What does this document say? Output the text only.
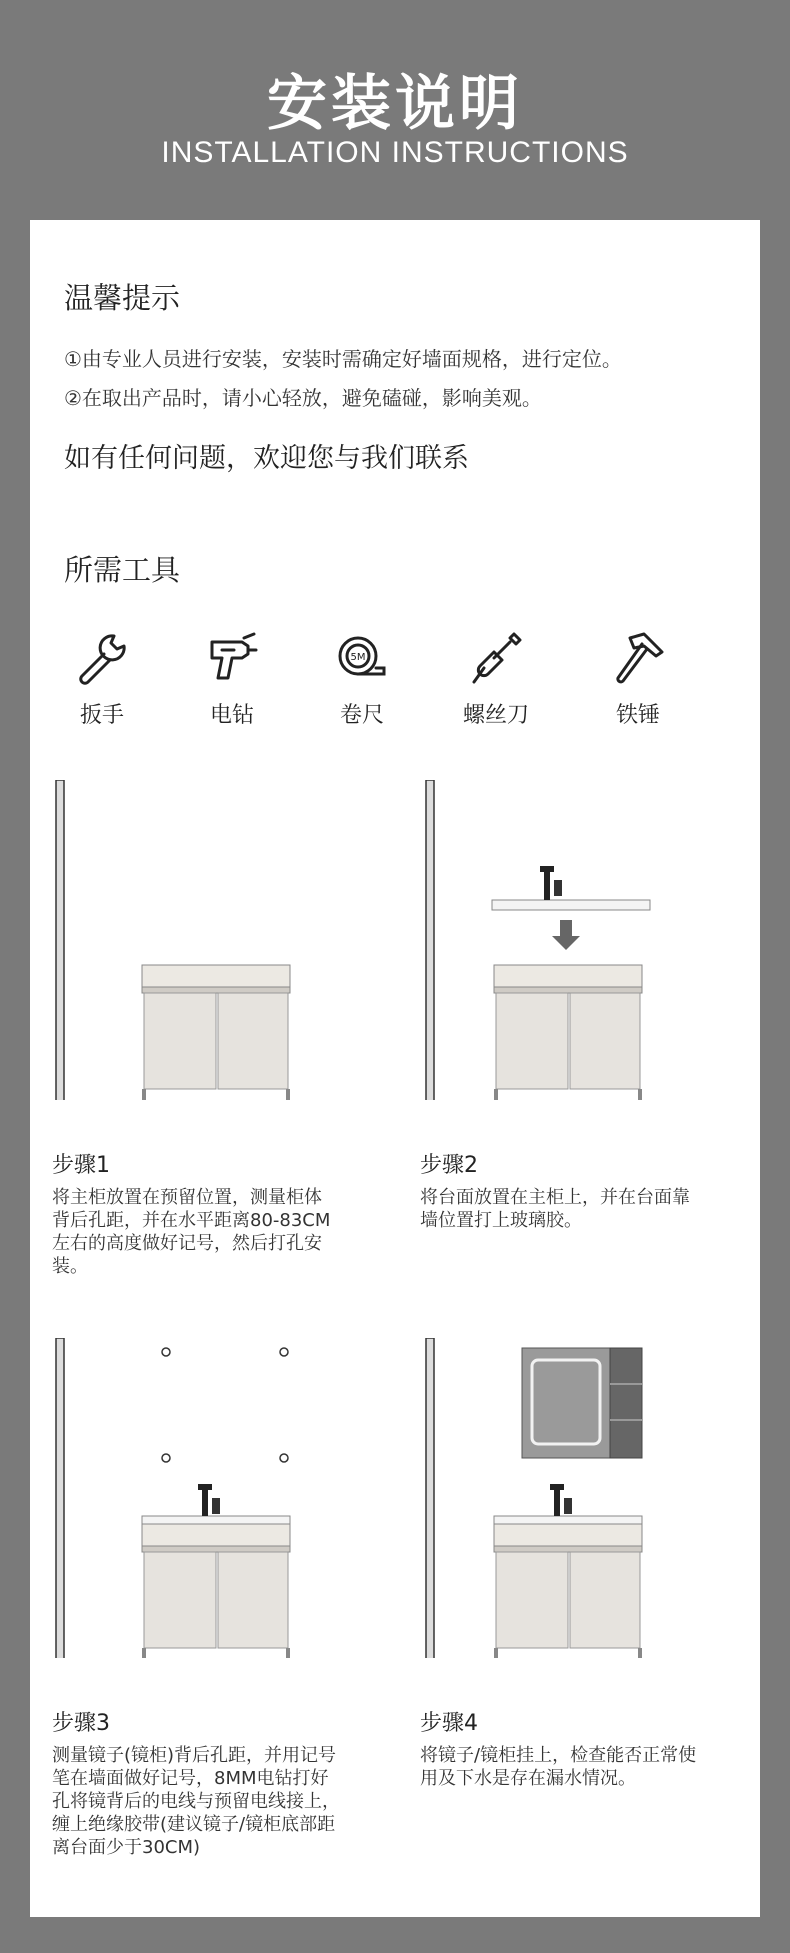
安装说明
INSTALLATION INSTRUCTIONS
温馨提示
①由专业人员进行安装，安装时需确定好墙面规格，进行定位。
②在取出产品时，请小心轻放，避免磕碰，影响美观。
如有任何问题，欢迎您与我们联系
所需工具
扳手	电钻
5M
卷尺	螺丝刀	铁锤
步骤1
将主柜放置在预留位置，测量柜体
背后孔距，并在水平距离80-83CM
左右的高度做好记号，然后打孔安
装。
步骤2
将台面放置在主柜上，并在台面靠
墙位置打上玻璃胶。
步骤3
测量镜子(镜柜)背后孔距，并用记号
笔在墙面做好记号，8MM电钻打好
孔将镜背后的电线与预留电线接上，
缠上绝缘胶带(建议镜子/镜柜底部距
离台面少于30CM)
步骤4
将镜子/镜柜挂上，检查能否正常使
用及下水是存在漏水情况。
